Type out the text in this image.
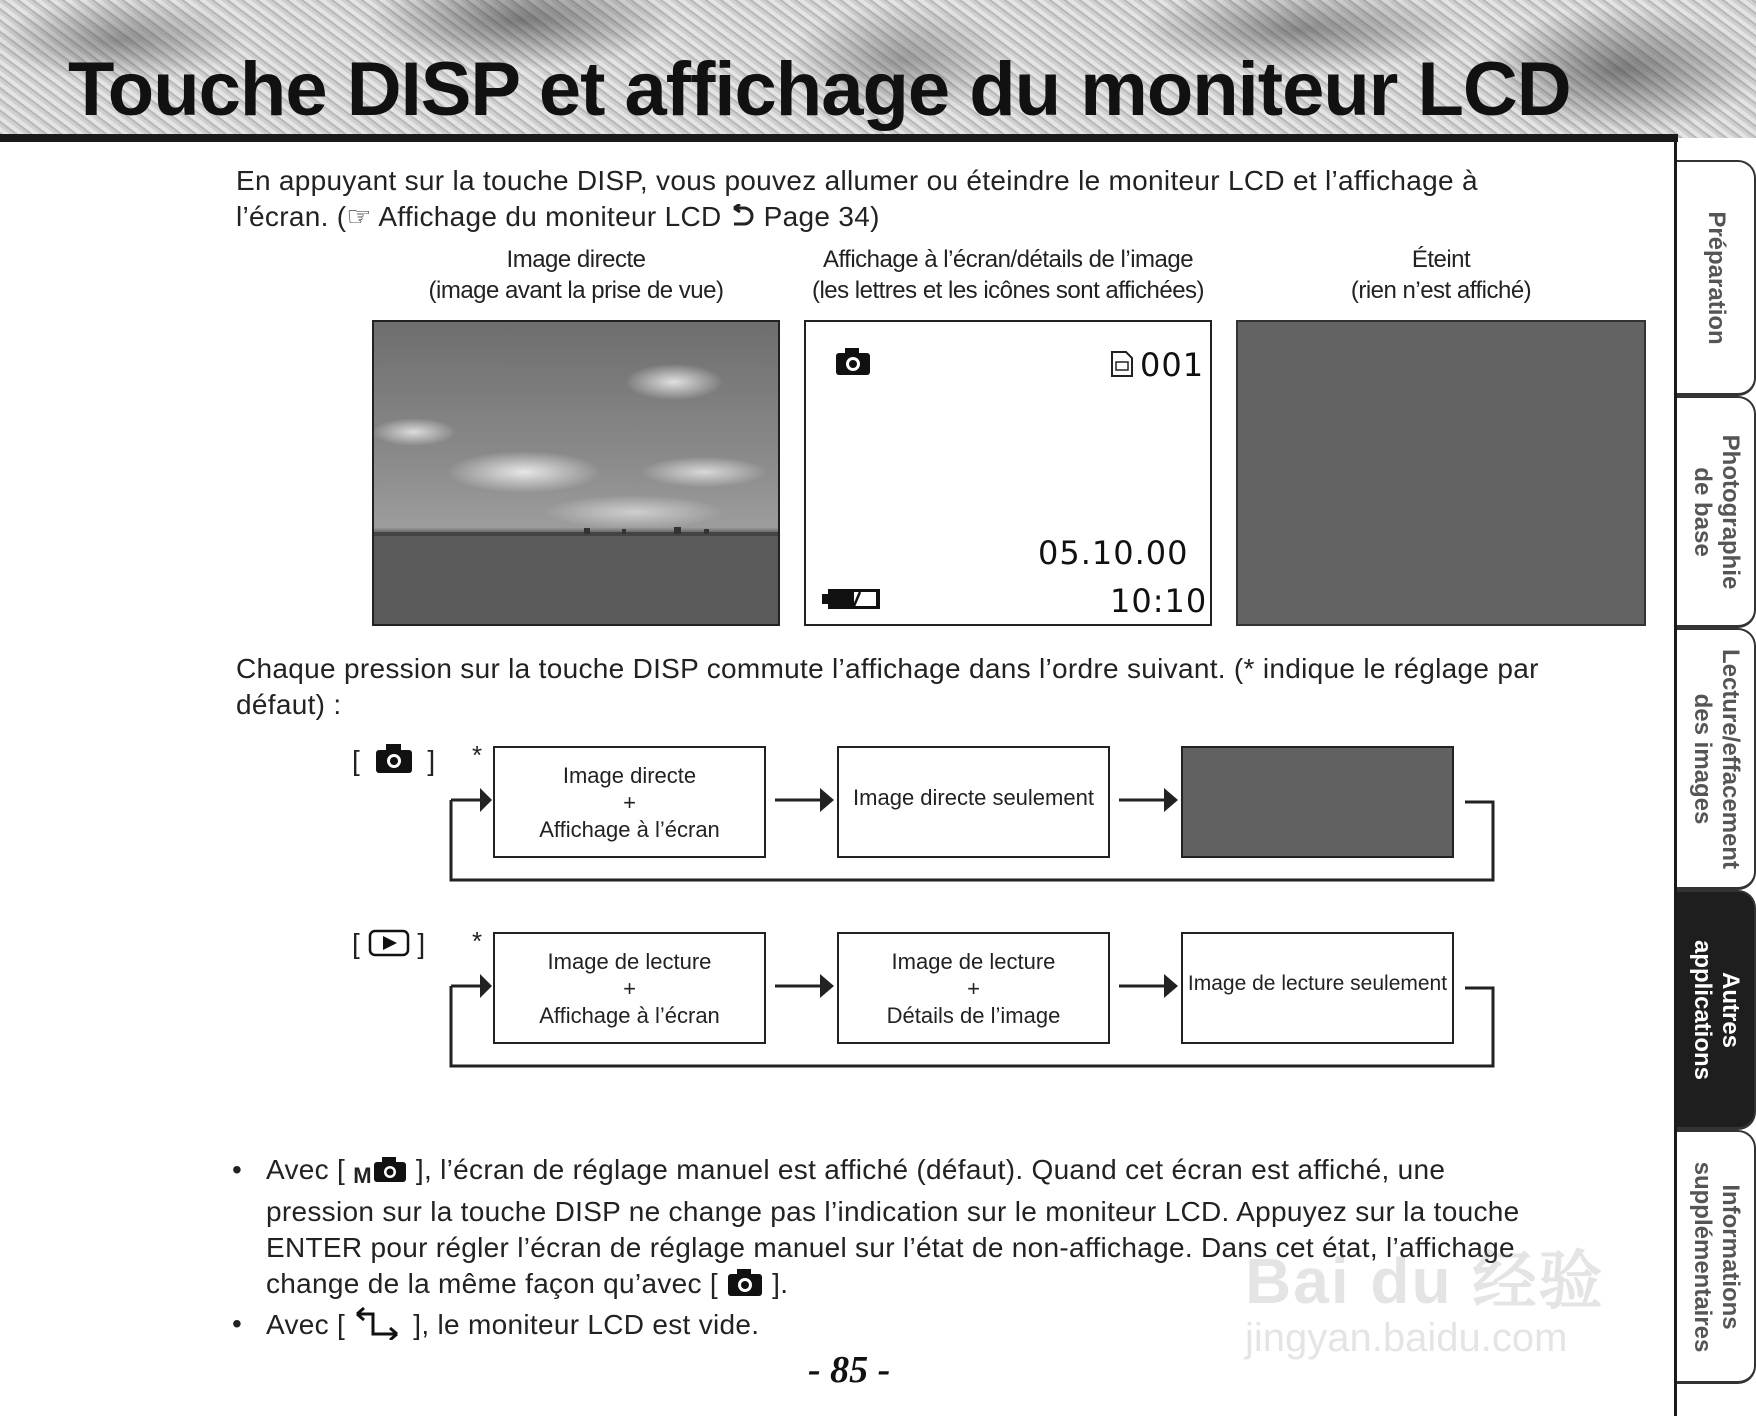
Touche DISP et affichage du moniteur LCD
Préparation
Photographie
de base
Lecture/effacement
des images
Autres
applications
Informations
supplémentaires
En appuyant sur la touche DISP, vous pouvez allumer ou éteindre le moniteur LCD et l’affichage à
l’écran. (☞ Affichage du moniteur LCD  Page 34)
Image directe
(image avant la prise de vue)
Affichage à l’écran/détails de l’image
(les lettres et les icônes sont affichées)
Éteint
(rien n’est affiché)
001
05.10.00
10:10
Chaque pression sur la touche DISP commute l’affichage dans l’ordre suivant. (* indique le réglage par
défaut) :
[ ] *
Image directe
+
Affichage à l’écran
Image directe seulement
[ ] *
Image de lecture
+
Affichage à l’écran
Image de lecture
+
Détails de l’image
Image de lecture seulement
• Avec [ M ], l’écran de réglage manuel est affiché (défaut). Quand cet écran est affiché, une
pression sur la touche DISP ne change pas l’indication sur le moniteur LCD. Appuyez sur la touche
ENTER pour régler l’écran de réglage manuel sur l’état de non-affichage. Dans cet état, l’affichage
change de la même façon qu’avec [  ].
• Avec [  ], le moniteur LCD est vide.
Bai du 经验
jingyan.baidu.com
- 85 -
